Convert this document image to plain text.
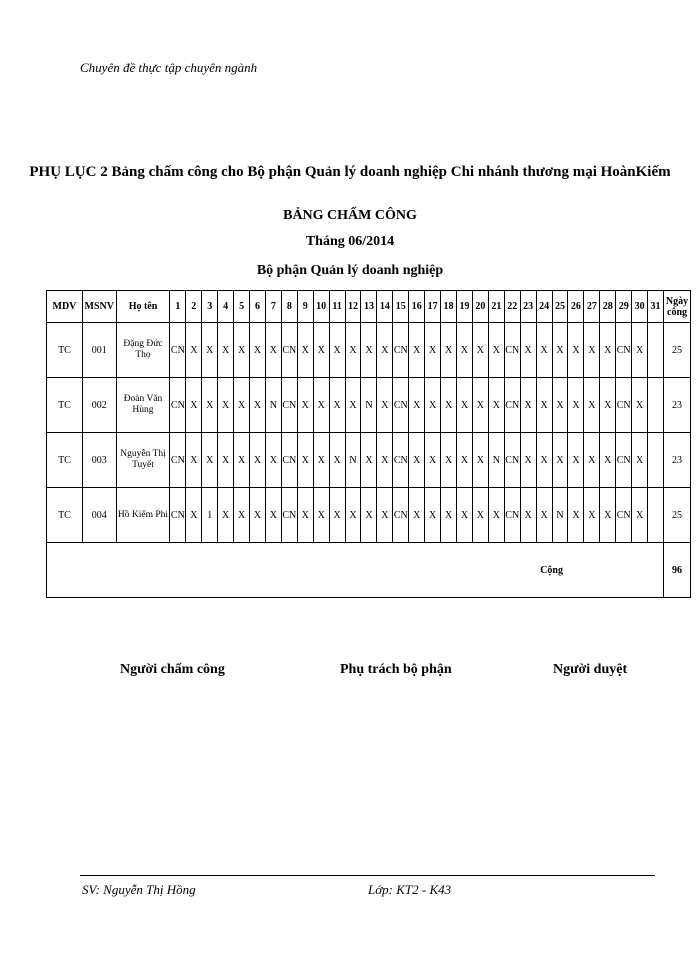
Chuyên đề thực tập chuyên ngành
PHỤ LỤC 2 Bảng chấm công cho Bộ phận Quản lý doanh nghiệp Chi nhánh thương mại HoànKiếm
BẢNG CHẤM CÔNG
Tháng 06/2014
Bộ phận Quản lý doanh nghiệp
MDV	MSNV	Họ tên	1	2	3	4	5	6	7	8	9	10	11	12	13	14	15	16	17	18	19	20	21	22	23	24	25	26	27	28	29	30	31	Ngày công
TC	001	Đặng Đức Thọ	CN	X	X	X	X	X	X	CN	X	X	X	X	X	X	CN	X	X	X	X	X	X	CN	X	X	X	X	X	X	CN	X		25
TC	002	Đoàn Văn Hùng	CN	X	X	X	X	X	N	CN	X	X	X	X	N	X	CN	X	X	X	X	X	X	CN	X	X	X	X	X	X	CN	X		23
TC	003	Nguyễn Thị Tuyết	CN	X	X	X	X	X	X	CN	X	X	X	N	X	X	CN	X	X	X	X	X	N	CN	X	X	X	X	X	X	CN	X		23
TC	004	Hồ Kiếm Phi	CN	X	1	X	X	X	X	CN	X	X	X	X	X	X	CN	X	X	X	X	X	X	CN	X	X	N	X	X	X	CN	X		25
Cộng																																		96
Người chấm công	Phụ trách bộ phận	Người duyệt
SV: Nguyễn Thị Hồng	Lớp: KT2 - K43
